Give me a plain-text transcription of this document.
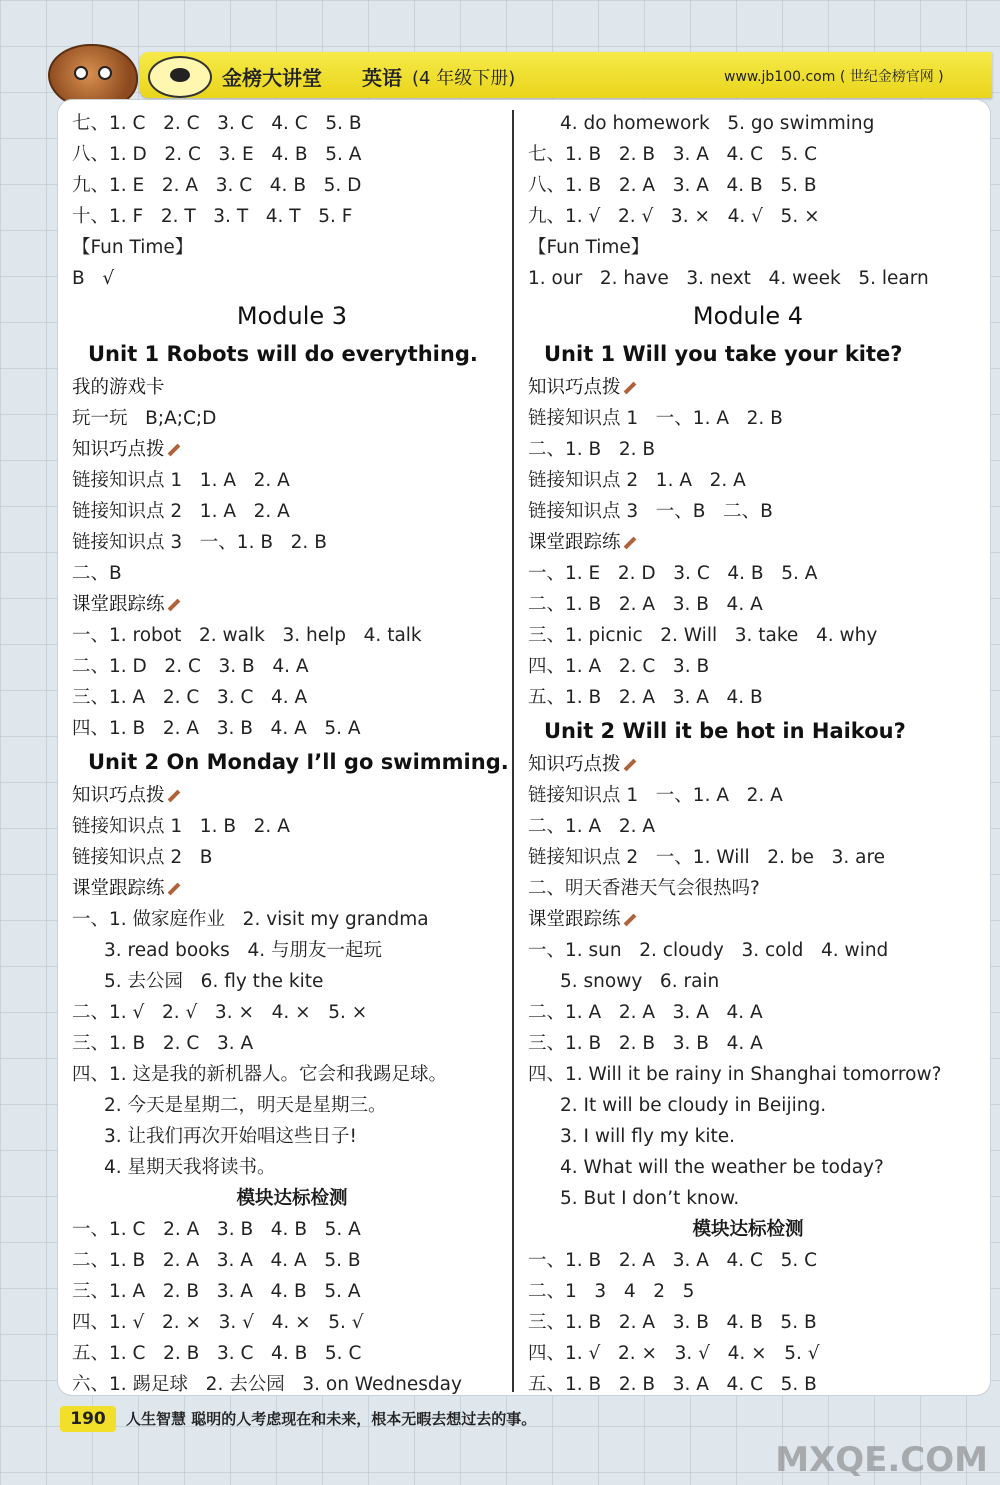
金榜大讲堂 英语 (4 年级下册)	www.jb100.com ( 世纪金榜官网 )
七、1. C   2. C   3. C   4. C   5. B
八、1. D   2. C   3. E   4. B   5. A
九、1. E   2. A   3. C   4. B   5. D
十、1. F   2. T   3. T   4. T   5. F
【Fun Time】
B   √
Module 3
Unit 1 Robots will do everything.
我的游戏卡
玩一玩   B;A;C;D
知识巧点拨
链接知识点 1   1. A   2. A
链接知识点 2   1. A   2. A
链接知识点 3   一、1. B   2. B
二、B
课堂跟踪练
一、1. robot   2. walk   3. help   4. talk
二、1. D   2. C   3. B   4. A
三、1. A   2. C   3. C   4. A
四、1. B   2. A   3. B   4. A   5. A
Unit 2 On Monday I’ll go swimming.
知识巧点拨
链接知识点 1   1. B   2. A
链接知识点 2   B
课堂跟踪练
一、1. 做家庭作业   2. visit my grandma
3. read books   4. 与朋友一起玩
5. 去公园   6. fly the kite
二、1. √   2. √   3. ×   4. ×   5. ×
三、1. B   2. C   3. A
四、1. 这是我的新机器人。它会和我踢足球。
2. 今天是星期二，明天是星期三。
3. 让我们再次开始唱这些日子!
4. 星期天我将读书。
模块达标检测
一、1. C   2. A   3. B   4. B   5. A
二、1. B   2. A   3. A   4. A   5. B
三、1. A   2. B   3. A   4. B   5. A
四、1. √   2. ×   3. √   4. ×   5. √
五、1. C   2. B   3. C   4. B   5. C
六、1. 踢足球   2. 去公园   3. on Wednesday
4. do homework   5. go swimming
七、1. B   2. B   3. A   4. C   5. C
八、1. B   2. A   3. A   4. B   5. B
九、1. √   2. √   3. ×   4. √   5. ×
【Fun Time】
1. our   2. have   3. next   4. week   5. learn
Module 4
Unit 1 Will you take your kite?
知识巧点拨
链接知识点 1   一、1. A   2. B
二、1. B   2. B
链接知识点 2   1. A   2. A
链接知识点 3   一、B   二、B
课堂跟踪练
一、1. E   2. D   3. C   4. B   5. A
二、1. B   2. A   3. B   4. A
三、1. picnic   2. Will   3. take   4. why
四、1. A   2. C   3. B
五、1. B   2. A   3. A   4. B
Unit 2 Will it be hot in Haikou?
知识巧点拨
链接知识点 1   一、1. A   2. A
二、1. A   2. A
链接知识点 2   一、1. Will   2. be   3. are
二、明天香港天气会很热吗?
课堂跟踪练
一、1. sun   2. cloudy   3. cold   4. wind
5. snowy   6. rain
二、1. A   2. A   3. A   4. A
三、1. B   2. B   3. B   4. A
四、1. Will it be rainy in Shanghai tomorrow?
2. It will be cloudy in Beijing.
3. I will fly my kite.
4. What will the weather be today?
5. But I don’t know.
模块达标检测
一、1. B   2. A   3. A   4. C   5. C
二、1   3   4   2   5
三、1. B   2. A   3. B   4. B   5. B
四、1. √   2. ×   3. √   4. ×   5. √
五、1. B   2. B   3. A   4. C   5. B
190	人生智慧 聪明的人考虑现在和未来，根本无暇去想过去的事。
MXQE.COM
